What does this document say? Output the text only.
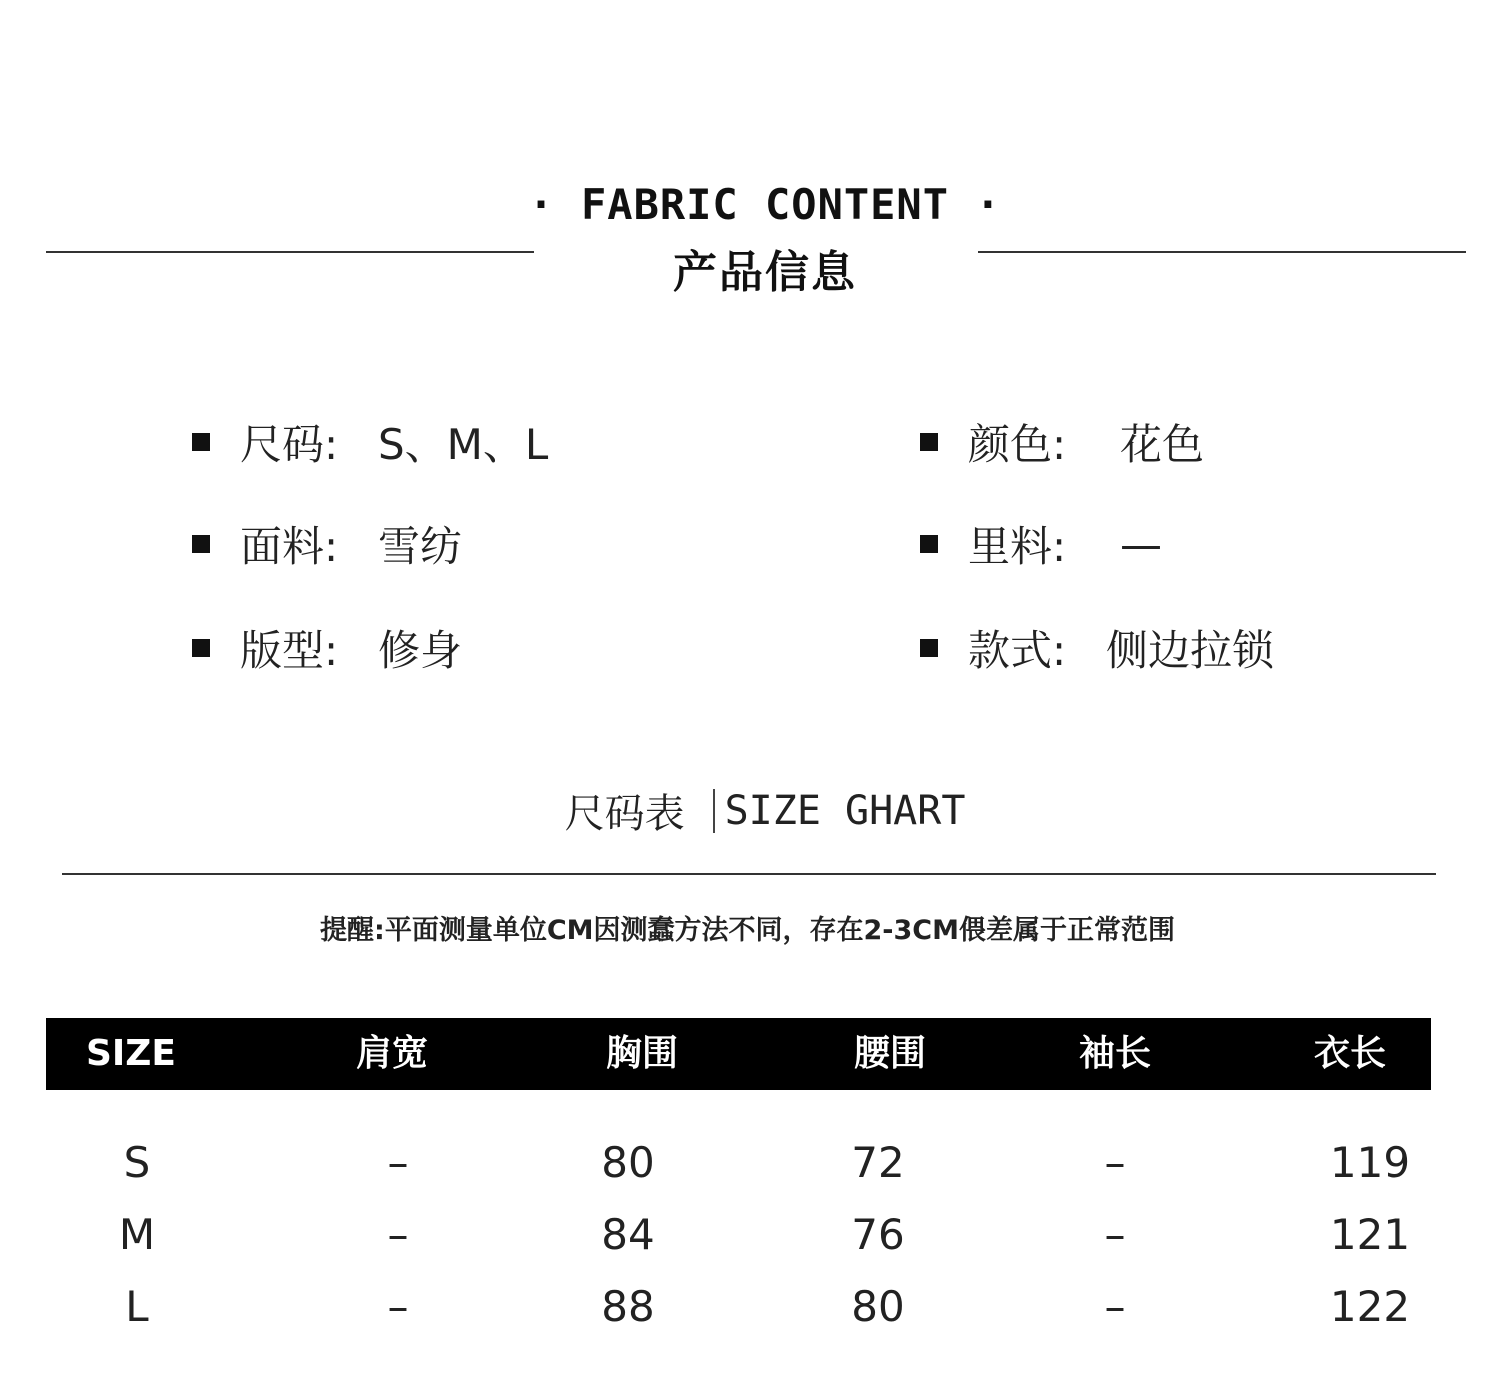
· FABRIC CONTENT ·
产品信息
尺码: S、M、L
面料: 雪纺
版型: 修身
颜色:	花色
里料:	—
款式: 侧边拉锁
尺码表 SIZE GHART
提醒:平面测量单位CM因测蠢方法不同，存在2-3CM偎差属于正常范围
SIZE	肩宽	胸围	腰围	袖长	衣长
S	–	80	72	–	119
M	–	84	76	–	121
L	–	88	80	–	122
